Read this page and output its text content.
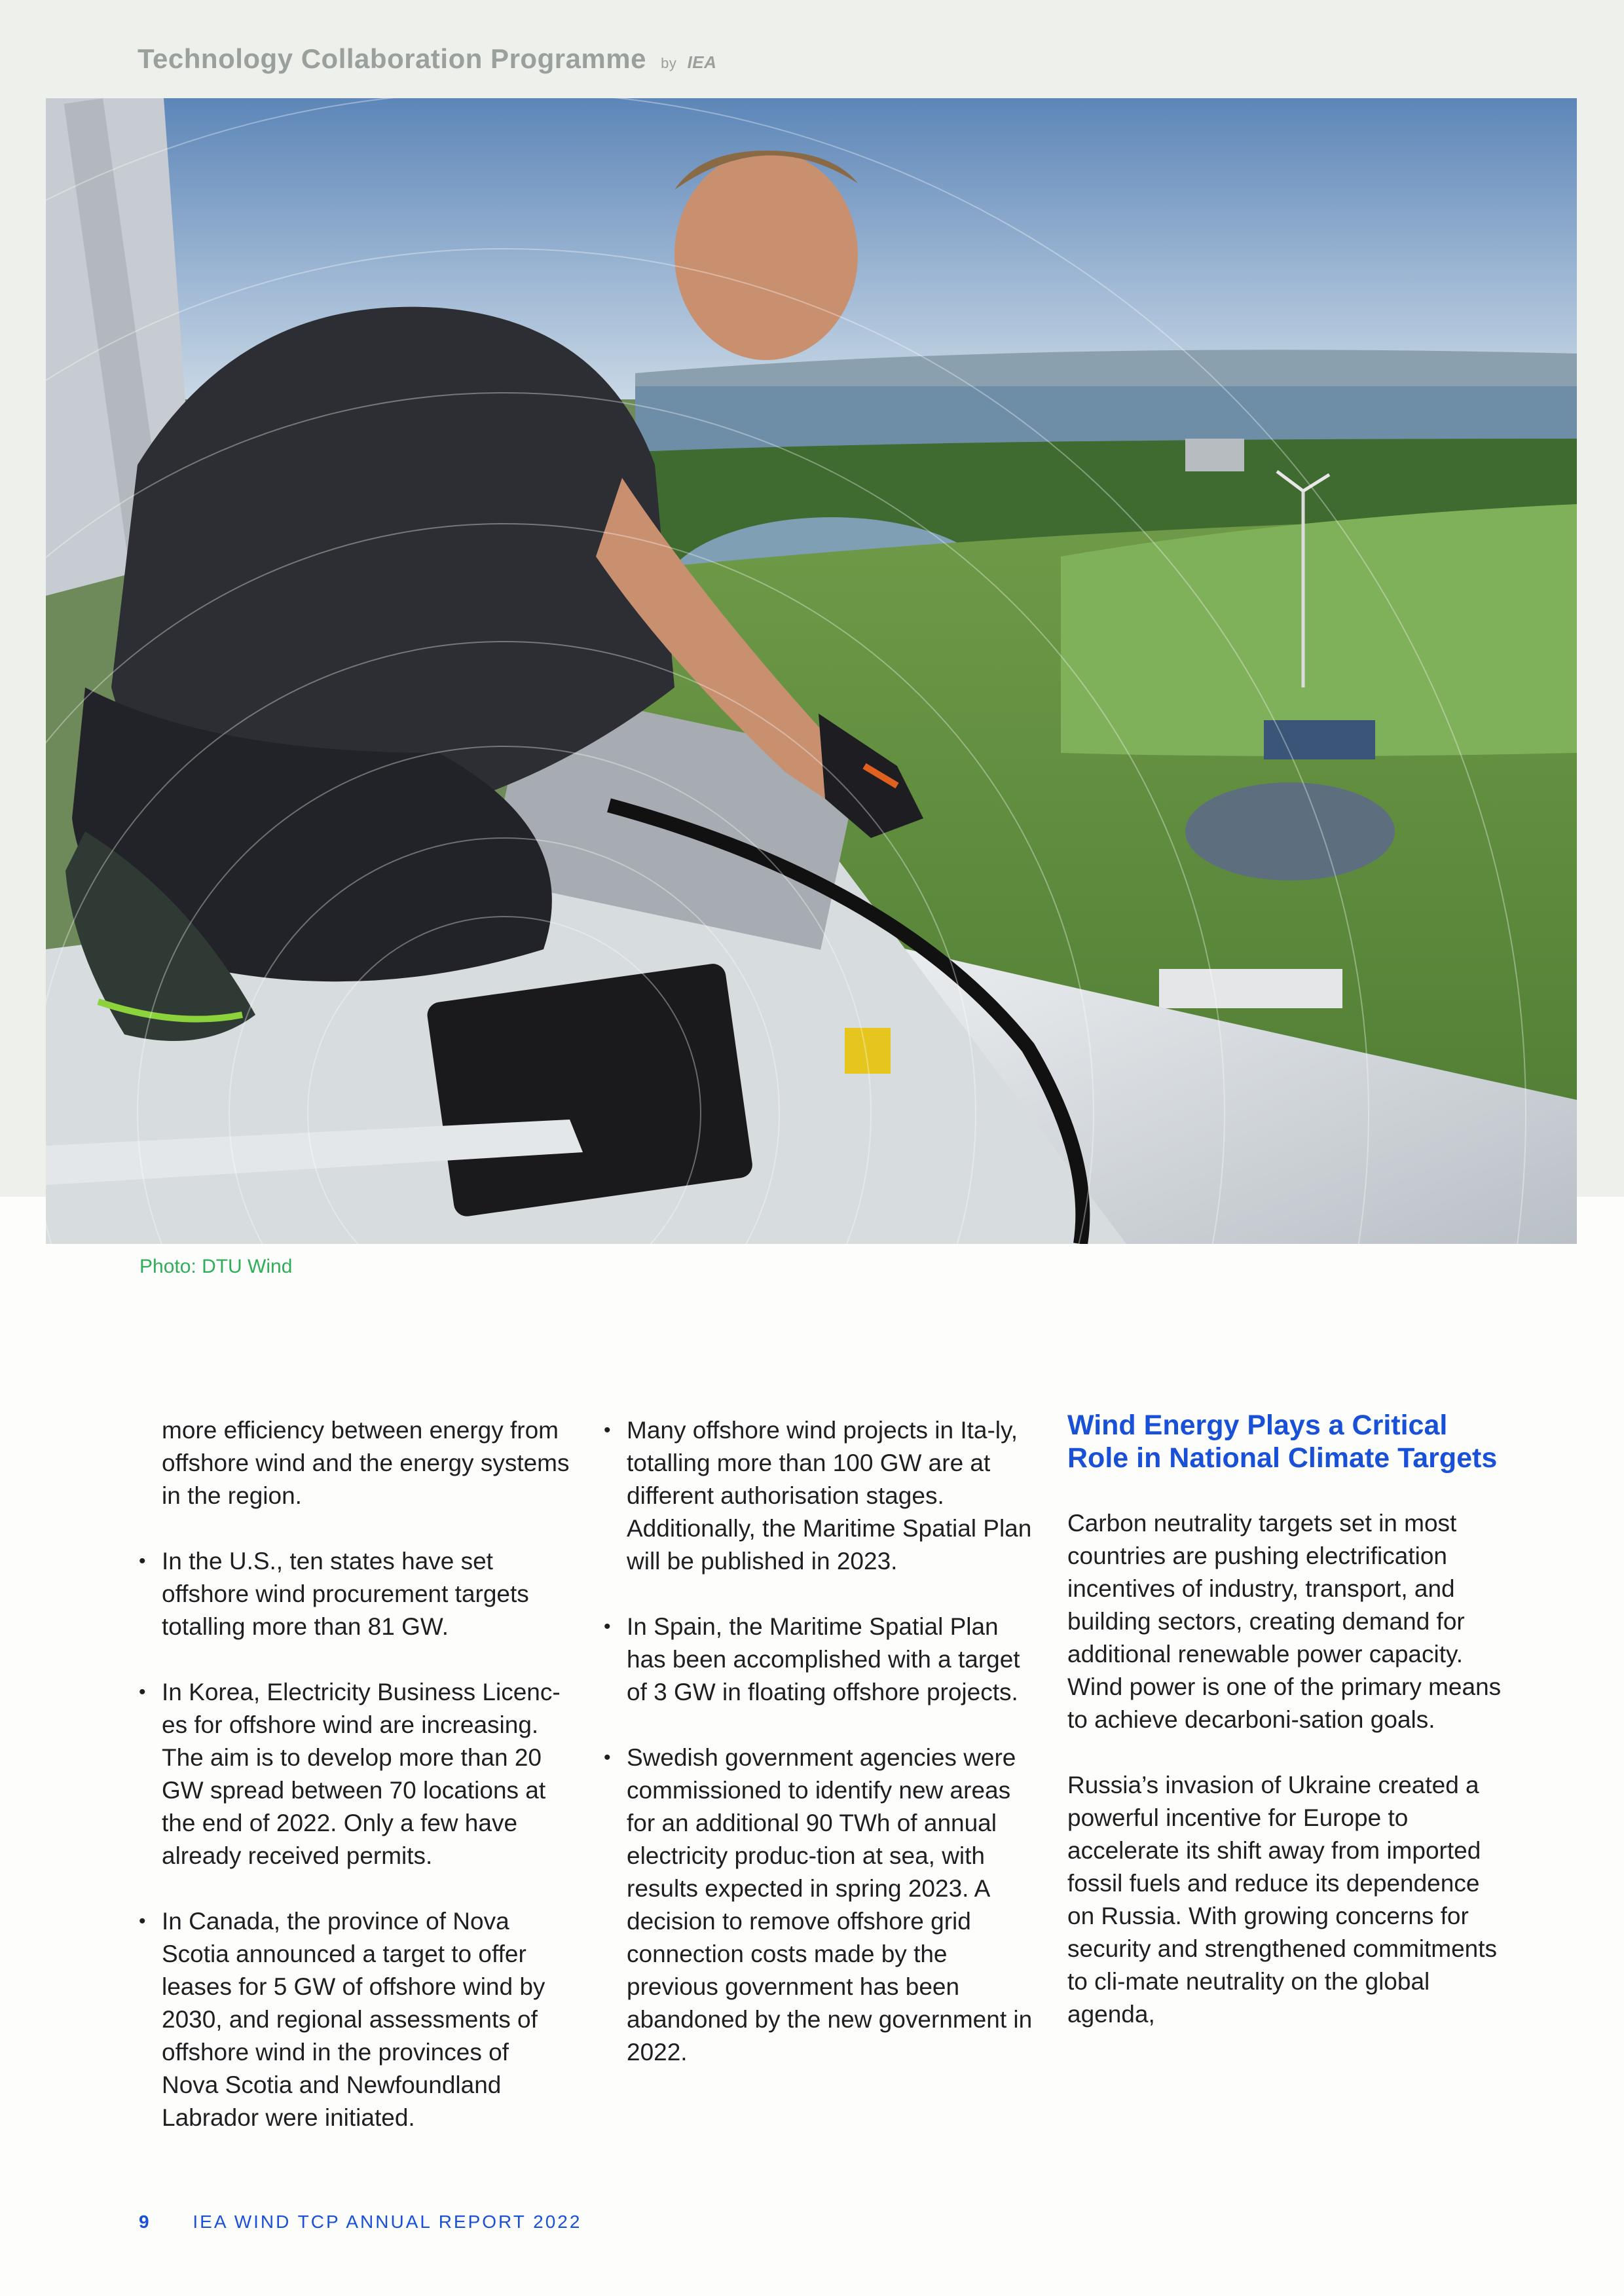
Technology Collaboration Programme by IEA
Photo: DTU Wind

more efficiency between energy from offshore wind and the energy systems in the region.

• In the U.S., ten states have set offshore wind procurement targets totalling more than 81 GW.
• In Korea, Electricity Business Licenc-es for offshore wind are increasing. The aim is to develop more than 20 GW spread between 70 locations at the end of 2022. Only a few have already received permits.
• In Canada, the province of Nova Scotia announced a target to offer leases for 5 GW of offshore wind by 2030, and regional assessments of offshore wind in the provinces of Nova Scotia and Newfoundland Labrador were initiated.
• Many offshore wind projects in Ita-ly, totalling more than 100 GW are at different authorisation stages. Additionally, the Maritime Spatial Plan will be published in 2023.
• In Spain, the Maritime Spatial Plan has been accomplished with a target of 3 GW in floating offshore projects.
• Swedish government agencies were commissioned to identify new areas for an additional 90 TWh of annual electricity produc-tion at sea, with results expected in spring 2023. A decision to remove offshore grid connection costs made by the previous government has been abandoned by the new government in 2022.
Wind Energy Plays a Critical Role in National Climate Targets

Carbon neutrality targets set in most countries are pushing electrification incentives of industry, transport, and building sectors, creating demand for additional renewable power capacity. Wind power is one of the primary means to achieve decarboni-sation goals.

Russia’s invasion of Ukraine created a powerful incentive for Europe to accelerate its shift away from imported fossil fuels and reduce its dependence on Russia. With growing concerns for security and strengthened commitments to cli-mate neutrality on the global agenda,

9 IEA WIND TCP ANNUAL REPORT 2022
